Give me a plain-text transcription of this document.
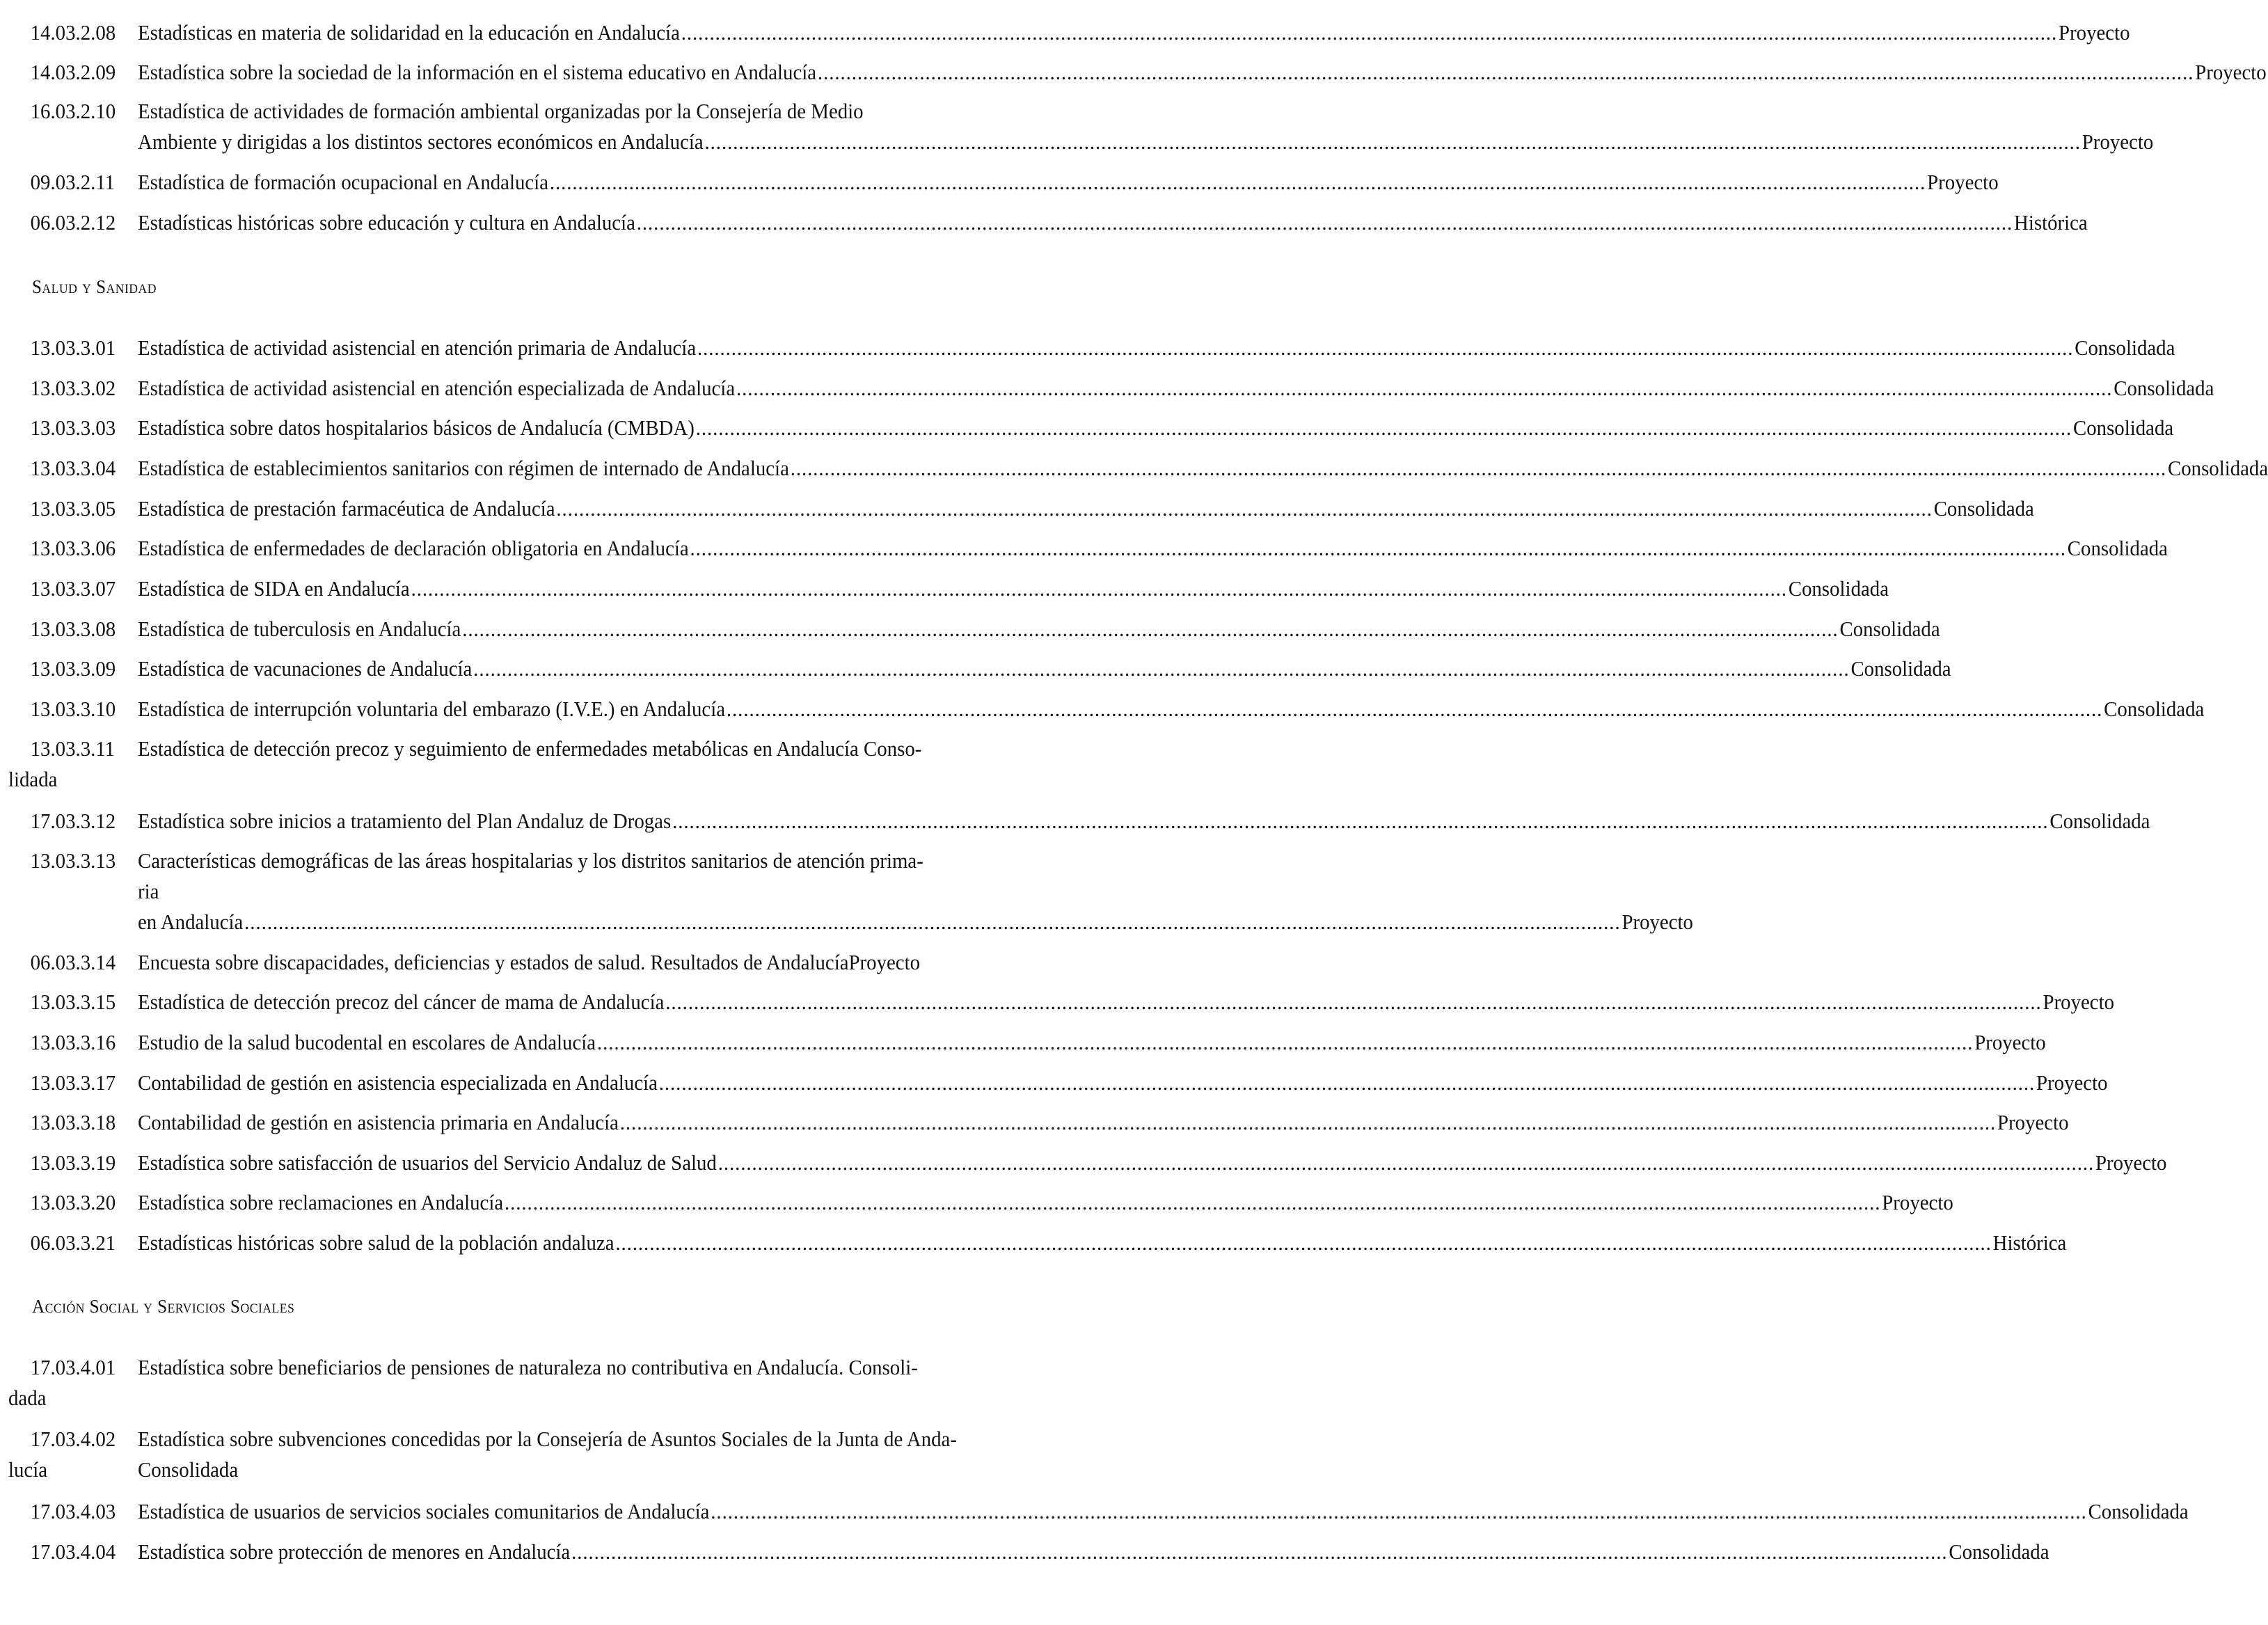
14.03.2.08 Estadísticas en materia de solidaridad en la educación en Andalucía ................................................................................................................................................................................................................................................... Proyecto
14.03.2.09 Estadística sobre la sociedad de la información en el sistema educativo en Andalucía ................................................................................................................................................................................................................................................... Proyecto
16.03.2.10 Estadística de actividades de formación ambiental organizadas por la Consejería de Medio
Ambiente y dirigidas a los distintos sectores económicos en Andalucía ................................................................................................................................................................................................................................................... Proyecto
09.03.2.11 Estadística de formación ocupacional en Andalucía ................................................................................................................................................................................................................................................... Proyecto
06.03.2.12 Estadísticas históricas sobre educación y cultura en Andalucía ................................................................................................................................................................................................................................................... Histórica
Salud y Sanidad
13.03.3.01 Estadística de actividad asistencial en atención primaria de Andalucía ................................................................................................................................................................................................................................................... Consolidada
13.03.3.02 Estadística de actividad asistencial en atención especializada de Andalucía ................................................................................................................................................................................................................................................... Consolidada
13.03.3.03 Estadística sobre datos hospitalarios básicos de Andalucía (CMBDA) ................................................................................................................................................................................................................................................... Consolidada
13.03.3.04 Estadística de establecimientos sanitarios con régimen de internado de Andalucía ................................................................................................................................................................................................................................................... Consolidada
13.03.3.05 Estadística de prestación farmacéutica de Andalucía ................................................................................................................................................................................................................................................... Consolidada
13.03.3.06 Estadística de enfermedades de declaración obligatoria en Andalucía ................................................................................................................................................................................................................................................... Consolidada
13.03.3.07 Estadística de SIDA en Andalucía ................................................................................................................................................................................................................................................... Consolidada
13.03.3.08 Estadística de tuberculosis en Andalucía ................................................................................................................................................................................................................................................... Consolidada
13.03.3.09 Estadística de vacunaciones de Andalucía ................................................................................................................................................................................................................................................... Consolidada
13.03.3.10 Estadística de interrupción voluntaria del embarazo (I.V.E.) en Andalucía ................................................................................................................................................................................................................................................... Consolidada
13.03.3.11 Estadística de detección precoz y seguimiento de enfermedades metabólicas en Andalucía Conso-
lidada
17.03.3.12 Estadística sobre inicios a tratamiento del Plan Andaluz de Drogas ................................................................................................................................................................................................................................................... Consolidada
13.03.3.13 Características demográficas de las áreas hospitalarias y los distritos sanitarios de atención prima-
ria
en Andalucía ................................................................................................................................................................................................................................................... Proyecto
06.03.3.14 Encuesta sobre discapacidades, deficiencias y estados de salud. Resultados de AndalucíaProyecto
13.03.3.15 Estadística de detección precoz del cáncer de mama de Andalucía ................................................................................................................................................................................................................................................... Proyecto
13.03.3.16 Estudio de la salud bucodental en escolares de Andalucía ................................................................................................................................................................................................................................................... Proyecto
13.03.3.17 Contabilidad de gestión en asistencia especializada en Andalucía ................................................................................................................................................................................................................................................... Proyecto
13.03.3.18 Contabilidad de gestión en asistencia primaria en Andalucía ................................................................................................................................................................................................................................................... Proyecto
13.03.3.19 Estadística sobre satisfacción de usuarios del Servicio Andaluz de Salud ................................................................................................................................................................................................................................................... Proyecto
13.03.3.20 Estadística sobre reclamaciones en Andalucía ................................................................................................................................................................................................................................................... Proyecto
06.03.3.21 Estadísticas históricas sobre salud de la población andaluza ................................................................................................................................................................................................................................................... Histórica
Acción Social y Servicios Sociales
17.03.4.01 Estadística sobre beneficiarios de pensiones de naturaleza no contributiva en Andalucía. Consoli-
dada
17.03.4.02 Estadística sobre subvenciones concedidas por la Consejería de Asuntos Sociales de la Junta de Anda-
Consolidada
lucía
17.03.4.03 Estadística de usuarios de servicios sociales comunitarios de Andalucía ................................................................................................................................................................................................................................................... Consolidada
17.03.4.04 Estadística sobre protección de menores en Andalucía ................................................................................................................................................................................................................................................... Consolidada
